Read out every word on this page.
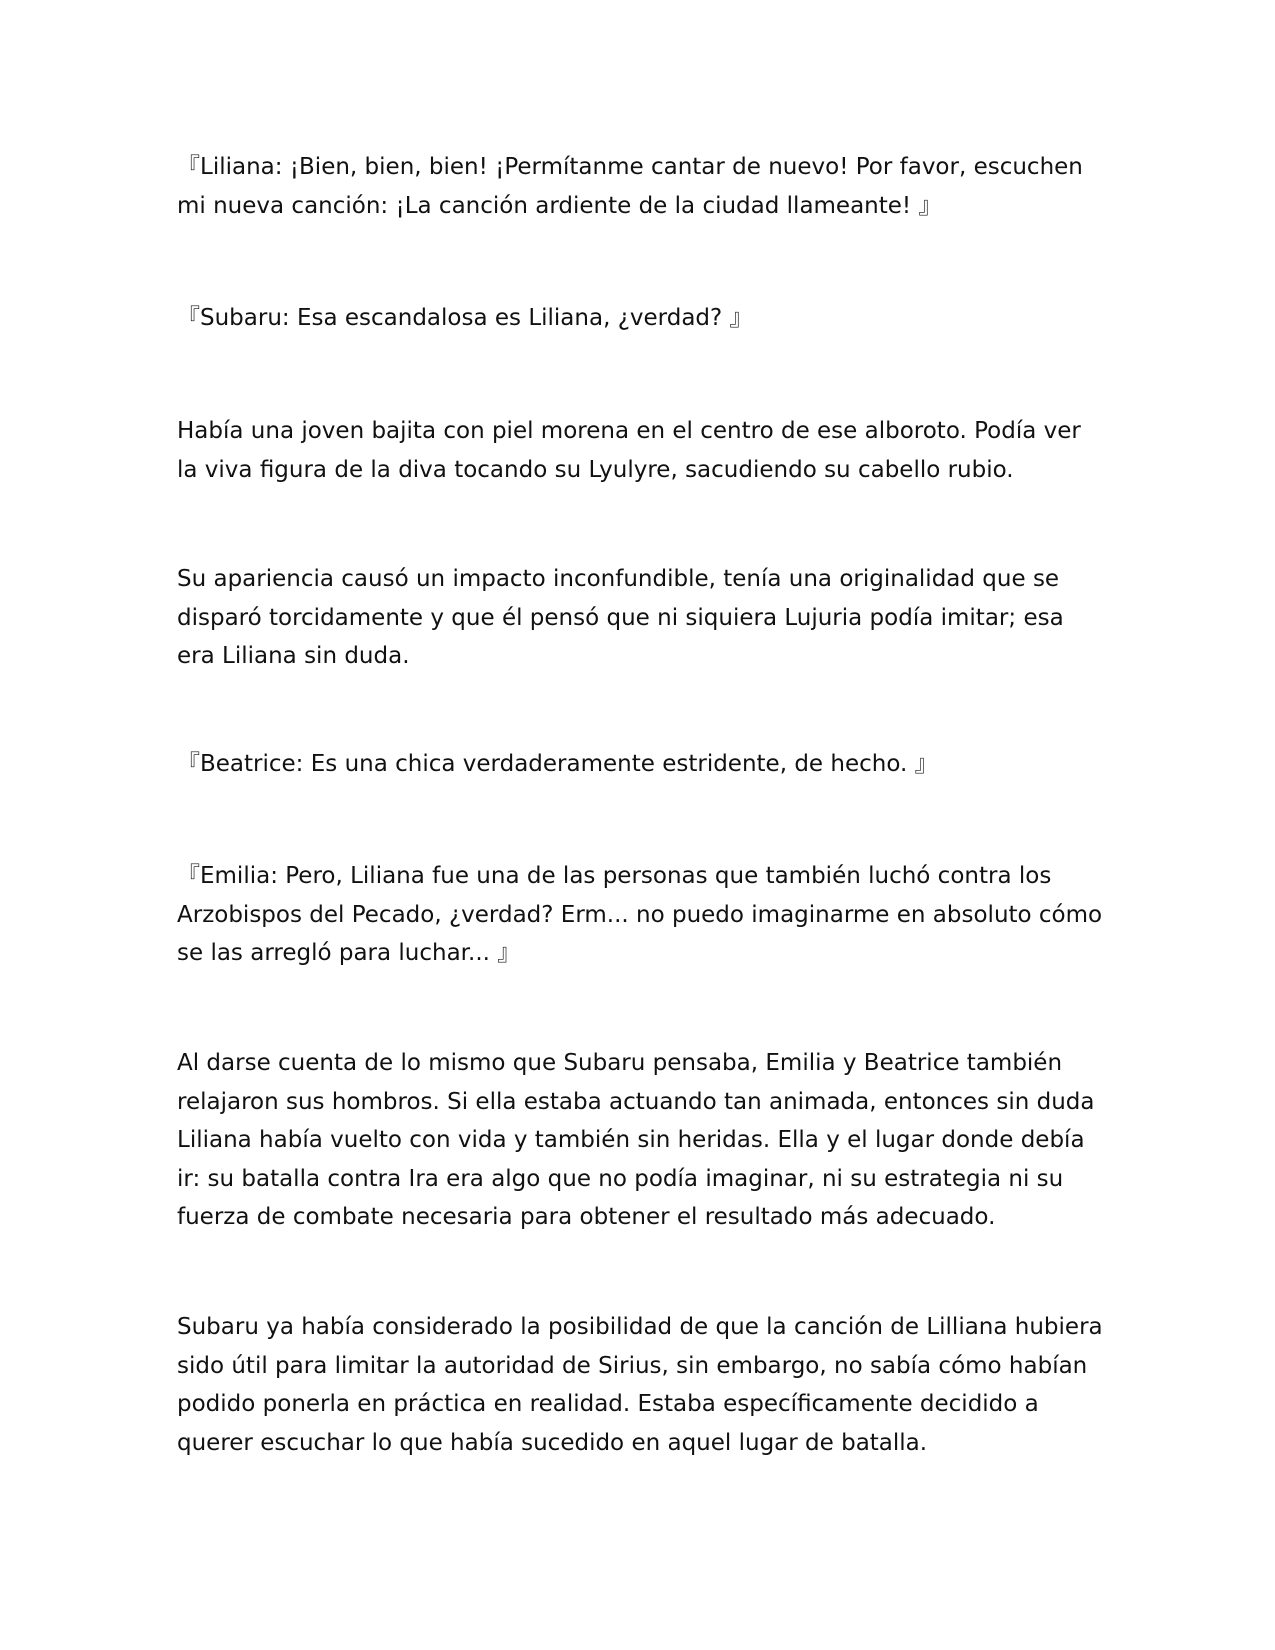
『Liliana: ¡Bien, bien, bien! ¡Permítanme cantar de nuevo! Por favor, escuchen mi nueva canción: ¡La canción ardiente de la ciudad llameante! 』

『Subaru: Esa escandalosa es Liliana, ¿verdad? 』

Había una joven bajita con piel morena en el centro de ese alboroto. Podía ver la viva figura de la diva tocando su Lyulyre, sacudiendo su cabello rubio.

Su apariencia causó un impacto inconfundible, tenía una originalidad que se disparó torcidamente y que él pensó que ni siquiera Lujuria podía imitar; esa era Liliana sin duda.

『Beatrice: Es una chica verdaderamente estridente, de hecho. 』

『Emilia: Pero, Liliana fue una de las personas que también luchó contra los Arzobispos del Pecado, ¿verdad? Erm... no puedo imaginarme en absoluto cómo se las arregló para luchar... 』

Al darse cuenta de lo mismo que Subaru pensaba, Emilia y Beatrice también relajaron sus hombros. Si ella estaba actuando tan animada, entonces sin duda Liliana había vuelto con vida y también sin heridas. Ella y el lugar donde debía ir: su batalla contra Ira era algo que no podía imaginar, ni su estrategia ni su fuerza de combate necesaria para obtener el resultado más adecuado.

Subaru ya había considerado la posibilidad de que la canción de Lilliana hubiera sido útil para limitar la autoridad de Sirius, sin embargo, no sabía cómo habían podido ponerla en práctica en realidad. Estaba específicamente decidido a querer escuchar lo que había sucedido en aquel lugar de batalla.
